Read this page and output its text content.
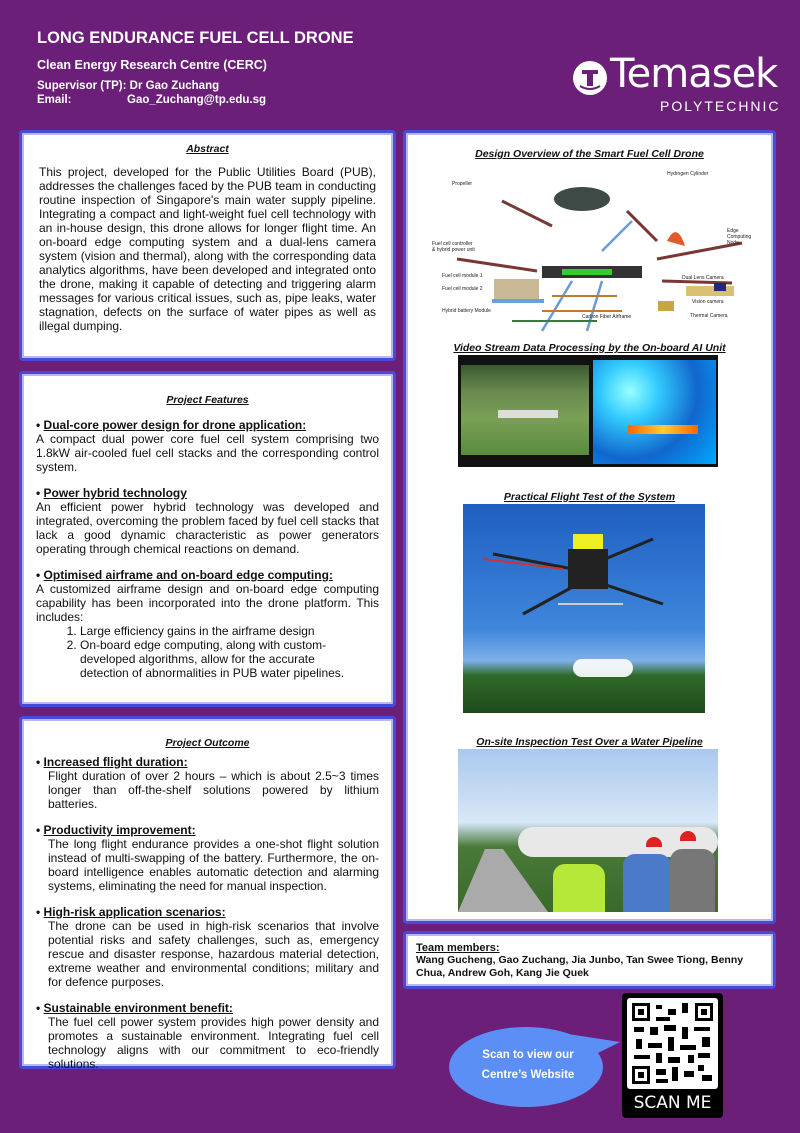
LONG ENDURANCE FUEL CELL DRONE
Clean Energy Research Centre (CERC)
Supervisor (TP): Dr Gao Zuchang
Email:	Gao_Zuchang@tp.edu.sg
Temasek
POLYTECHNIC
Abstract
This project, developed for the Public Utilities Board (PUB), addresses the challenges faced by the PUB team in conducting routine inspection of Singapore's main water supply pipeline. Integrating a compact and light-weight fuel cell technology with an in-house design, this drone allows for longer flight time. An on-board edge computing system and a dual-lens camera system (vision and thermal), along with the corresponding data analytics algorithms, have been developed and integrated onto the drone, making it capable of detecting and triggering alarm messages for various critical issues, such as, pipe leaks, water stagnation, defects on the surface of water pipes as well as illegal dumping.
Project Features
• Dual-core power design for drone application:
A compact dual power core fuel cell system comprising two 1.8kW air-cooled fuel cell stacks and the corresponding control system.
• Power hybrid technology
An efficient power hybrid technology was developed and integrated, overcoming the problem faced by fuel cell stacks that lack a good dynamic characteristic as power generators operating through chemical reactions on demand.
• Optimised airframe and on-board edge computing:
A customized airframe design and on-board edge computing capability has been incorporated into the drone platform. This includes:
1. Large efficiency gains in the airframe design
2. On-board edge computing, along with custom-developed algorithms, allow for the accurate detection of abnormalities in PUB water pipelines.
Project Outcome
• Increased flight duration:
Flight duration of over 2 hours – which is about 2.5~3 times longer than off-the-shelf solutions powered by lithium batteries.
• Productivity improvement:
The long flight endurance provides a one-shot flight solution instead of multi-swapping of the battery. Furthermore, the on-board intelligence enables automatic detection and alarming systems, eliminating the need for manual inspection.
• High-risk application scenarios:
The drone can be used in high-risk scenarios that involve potential risks and safety challenges, such as, emergency rescue and disaster response, hazardous material detection, extreme weather and environmental conditions; military and for defence purposes.
• Sustainable environment benefit:
The fuel cell power system provides high power density and promotes a sustainable environment. Integrating fuel cell technology aligns with our commitment to eco-friendly solutions.
Design Overview of the Smart Fuel Cell Drone
Propeller
Hydrogen Cylinder
Fuel cell controller & hybrid power unit
Edge Computing Node
Fuel cell module 1
Fuel cell module 2
Dual Lens Camera
Vision camera
Hybrid battery Module
Carbon Fiber Airframe	Thermal Camera
Video Stream Data Processing by the On-board AI Unit
Practical Flight Test of the System
On-site Inspection Test Over a Water Pipeline
Team members:
Wang Gucheng, Gao Zuchang, Jia Junbo, Tan Swee Tiong, Benny Chua, Andrew Goh, Kang Jie Quek
Scan to view our
Centre’s Website
SCAN ME
